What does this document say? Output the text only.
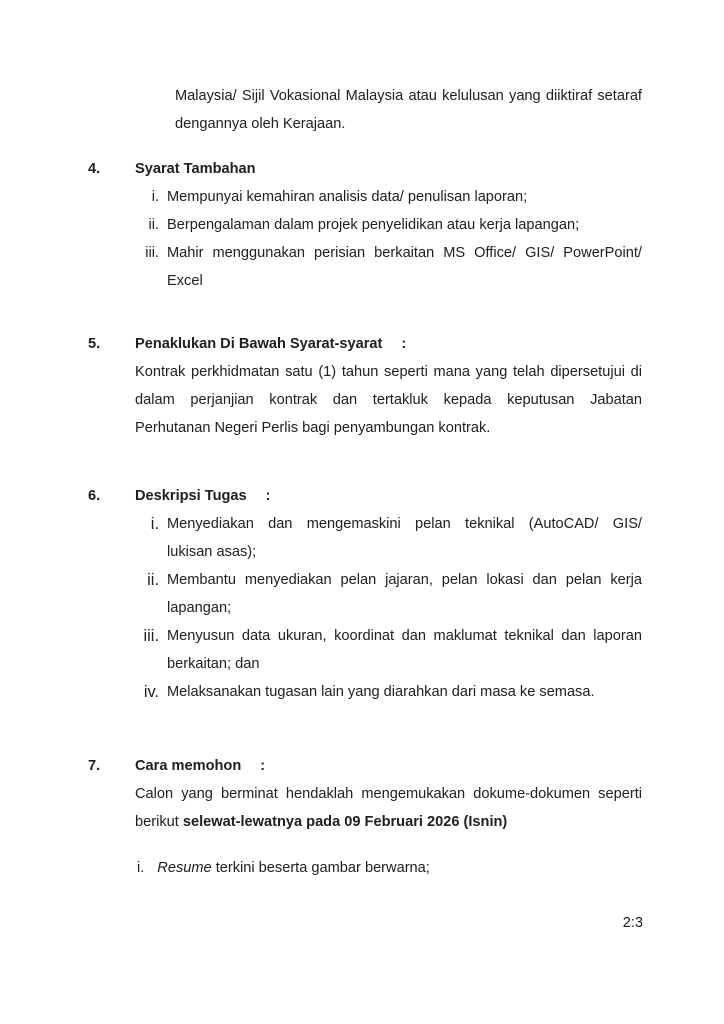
Malaysia/ Sijil Vokasional Malaysia atau kelulusan yang diiktiraf setaraf
dengannya oleh Kerajaan.
4. Syarat Tambahan
i. Mempunyai kemahiran analisis data/ penulisan laporan;
ii. Berpengalaman dalam projek penyelidikan atau kerja lapangan;
iii. Mahir menggunakan perisian berkaitan MS Office/ GIS/ PowerPoint/
Excel
5. Penaklukan Di Bawah Syarat-syarat :
Kontrak perkhidmatan satu (1) tahun seperti mana yang telah dipersetujui di
dalam perjanjian kontrak dan tertakluk kepada keputusan Jabatan
Perhutanan Negeri Perlis bagi penyambungan kontrak.
6. Deskripsi Tugas :
i. Menyediakan dan mengemaskini pelan teknikal (AutoCAD/ GIS/
lukisan asas);
ii. Membantu menyediakan pelan jajaran, pelan lokasi dan pelan kerja
lapangan;
iii. Menyusun data ukuran, koordinat dan maklumat teknikal dan laporan
berkaitan; dan
iv. Melaksanakan tugasan lain yang diarahkan dari masa ke semasa.
7. Cara memohon :
Calon yang berminat hendaklah mengemukakan dokume-dokumen seperti
berikut selewat-lewatnya pada 09 Februari 2026 (Isnin)
i. Resume terkini beserta gambar berwarna;
2:3
